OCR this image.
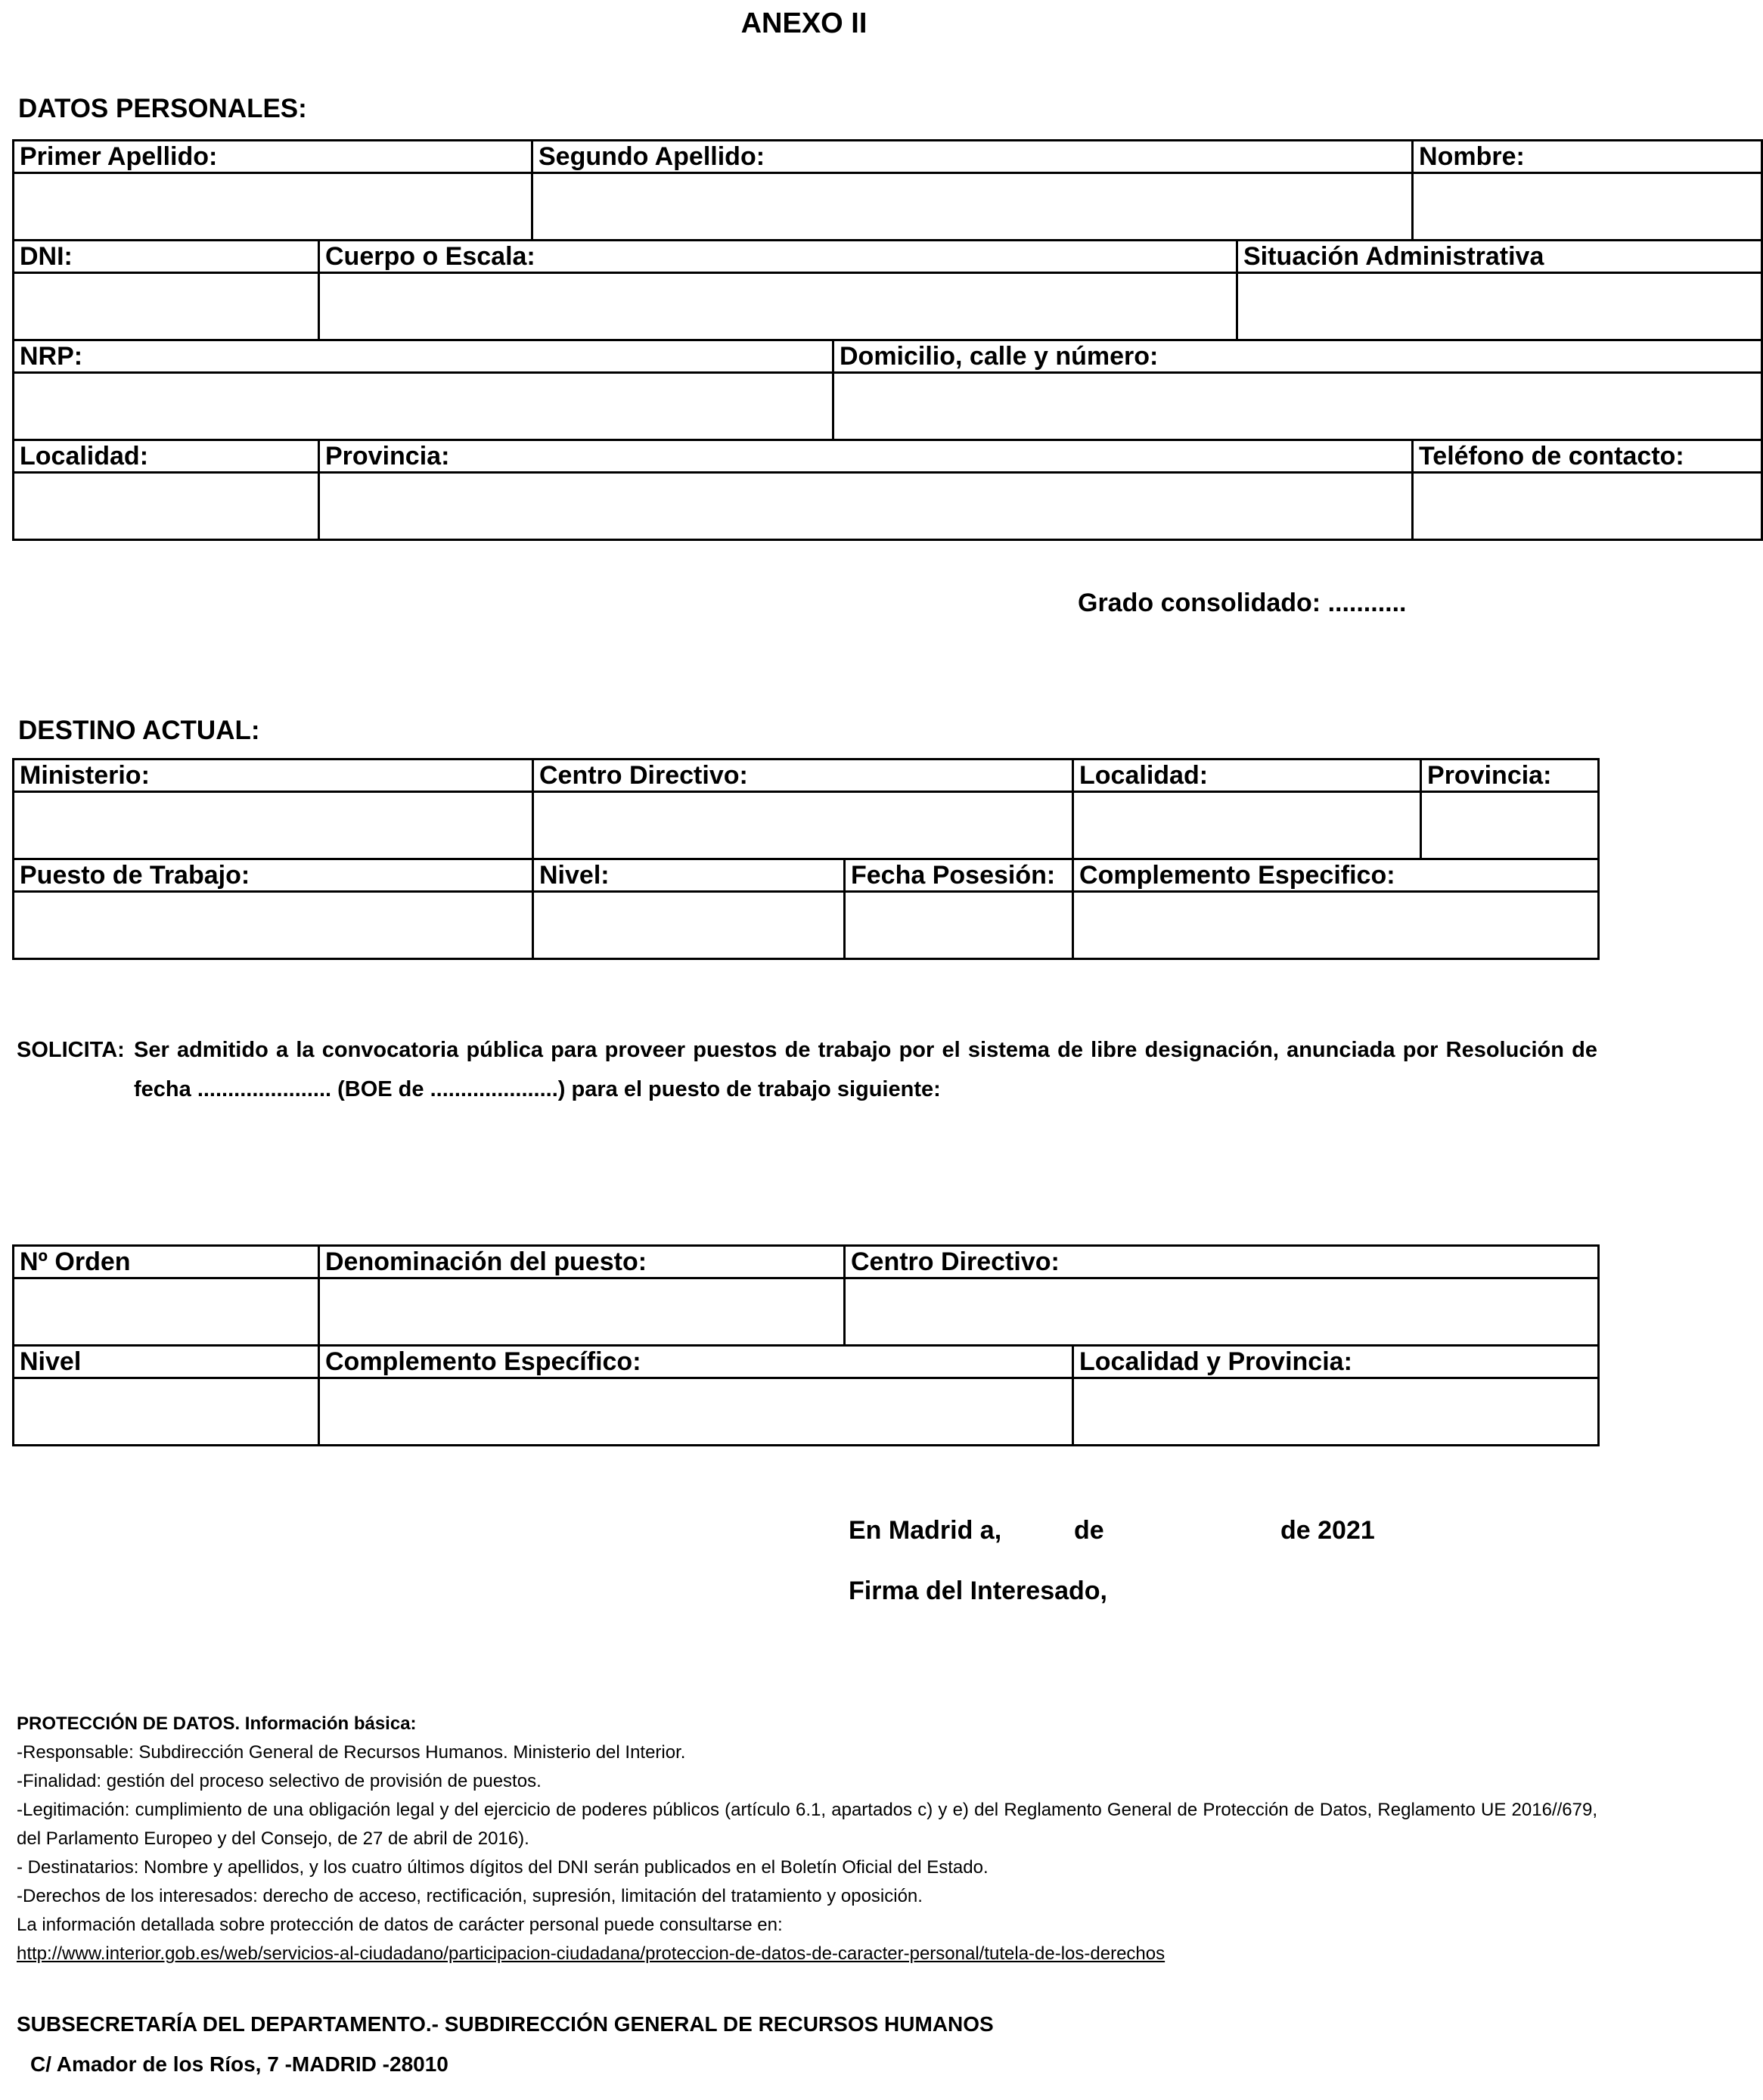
ANEXO II
DATOS PERSONALES:
Primer Apellido:		Segundo Apellido:			Nombre:

DNI:	Cuerpo o Escala:			Situación Administrativa	

NRP:			Domicilio, calle y número:		

Localidad:	Provincia:				Teléfono de contacto:

Grado consolidado: ...........
DESTINO ACTUAL:
Ministerio:	Centro Directivo:		Localidad:	Provincia:

Puesto de Trabajo:	Nivel:	Fecha Posesión:	Complemento Especifico:	

SOLICITA: Ser admitido a la convocatoria pública para proveer puestos de trabajo por el sistema de libre designación, anunciada por Resolución de fecha ...................... (BOE de .....................) para el puesto de trabajo siguiente:
Nº Orden	Denominación del puesto:	Centro Directivo:	

Nivel	Complemento Específico:		Localidad y Provincia:

En Madrid a,	de	de 2021
Firma del Interesado,
PROTECCIÓN DE DATOS. Información básica:
-Responsable: Subdirección General de Recursos Humanos. Ministerio del Interior.
-Finalidad: gestión del proceso selectivo de provisión de puestos.
-Legitimación: cumplimiento de una obligación legal y del ejercicio de poderes públicos (artículo 6.1, apartados c) y e) del Reglamento General de Protección de Datos, Reglamento UE 2016//679, del Parlamento Europeo y del Consejo, de 27 de abril de 2016).
- Destinatarios: Nombre y apellidos, y los cuatro últimos dígitos del DNI serán publicados en el Boletín Oficial del Estado.
-Derechos de los interesados: derecho de acceso, rectificación, supresión, limitación del tratamiento y oposición.
La información detallada sobre protección de datos de carácter personal puede consultarse en:
http://www.interior.gob.es/web/servicios-al-ciudadano/participacion-ciudadana/proteccion-de-datos-de-caracter-personal/tutela-de-los-derechos
SUBSECRETARÍA DEL DEPARTAMENTO.- SUBDIRECCIÓN GENERAL DE RECURSOS HUMANOS
C/ Amador de los Ríos, 7 -MADRID -28010
